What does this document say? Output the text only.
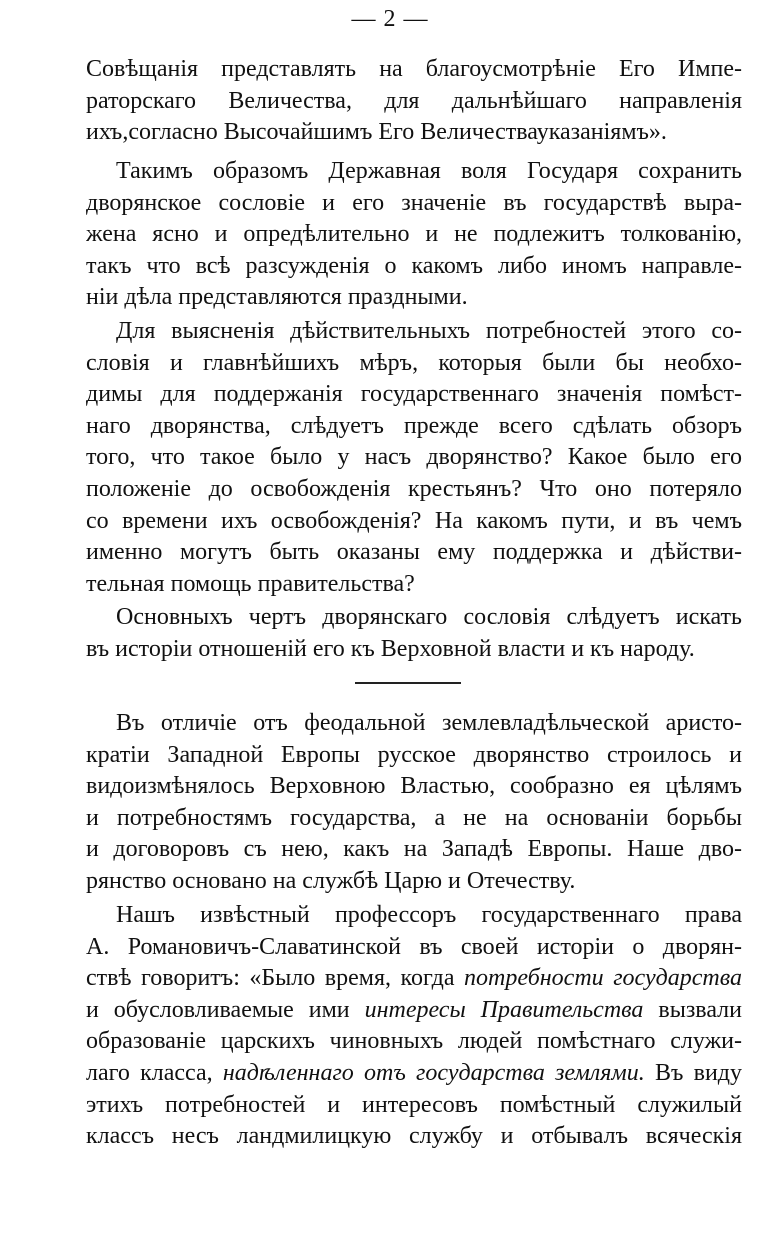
— 2 —
Совѣщанія представлять на благоусмотрѣніе Его Импе-
раторскаго Величества, для дальнѣйшаго направленія
ихъ,согласно Высочайшимъ Его Величествауказаніямъ».
Такимъ образомъ Державная воля Государя сохранить
дворянское сословіе и его значеніе въ государствѣ выра-
жена ясно и опредѣлительно и не подлежитъ толкованію,
такъ что всѣ разсужденія о какомъ либо иномъ направле-
ніи дѣла представляются праздными.
Для выясненія дѣйствительныхъ потребностей этого со-
словія и главнѣйшихъ мѣръ, которыя были бы необхо-
димы для поддержанія государственнаго значенія помѣст-
наго дворянства, слѣдуетъ прежде всего сдѣлать обзоръ
того, что такое было у насъ дворянство? Какое было его
положеніе до освобожденія крестьянъ? Что оно потеряло
со времени ихъ освобожденія? На какомъ пути, и въ чемъ
именно могутъ быть оказаны ему поддержка и дѣйстви-
тельная помощь правительства?
Основныхъ чертъ дворянскаго сословія слѣдуетъ искать
въ исторіи отношеній его къ Верховной власти и къ народу.
Въ отличіе отъ феодальной землевладѣльческой аристо-
кратіи Западной Европы русское дворянство строилось и
видоизмѣнялось Верховною Властью, сообразно ея цѣлямъ
и потребностямъ государства, а не на основаніи борьбы
и договоровъ съ нею, какъ на Западѣ Европы. Наше дво-
рянство основано на службѣ Царю и Отечеству.
Нашъ извѣстный профессоръ государственнаго права
А. Романовичъ-Славатинской въ своей исторіи о дворян-
ствѣ говоритъ: «Было время, когда потребности государства
и обусловливаемые ими интересы Правительства вызвали
образованіе царскихъ чиновныхъ людей помѣстнаго служи-
лаго класса, надѣленнаго отъ государства землями. Въ виду
этихъ потребностей и интересовъ помѣстный служилый
классъ несъ ландмилицкую службу и отбывалъ всяческія
